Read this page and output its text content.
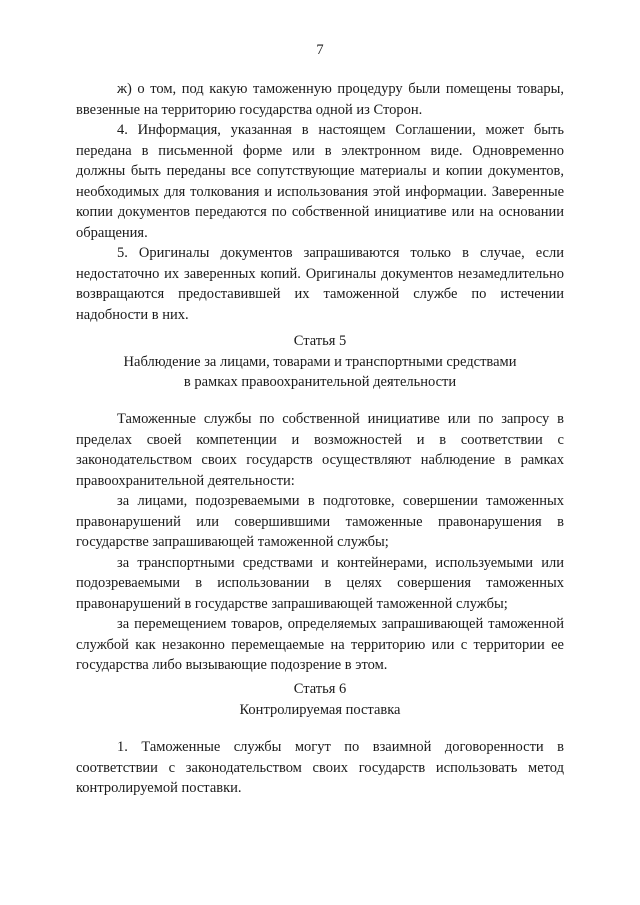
7

ж) о том, под какую таможенную процедуру были помещены товары, ввезенные на территорию государства одной из Сторон.

4. Информация, указанная в настоящем Соглашении, может быть передана в письменной форме или в электронном виде. Одновременно должны быть переданы все сопутствующие материалы и копии документов, необходимых для толкования и использования этой информации. Заверенные копии документов передаются по собственной инициативе или на основании обращения.

5. Оригиналы документов запрашиваются только в случае, если недостаточно их заверенных копий. Оригиналы документов незамедлительно возвращаются предоставившей их таможенной службе по истечении надобности в них.

Статья 5
Наблюдение за лицами, товарами и транспортными средствами
в рамках правоохранительной деятельности

Таможенные службы по собственной инициативе или по запросу в пределах своей компетенции и возможностей и в соответствии с законодательством своих государств осуществляют наблюдение в рамках правоохранительной деятельности:

за лицами, подозреваемыми в подготовке, совершении таможенных правонарушений или совершившими таможенные правонарушения в государстве запрашивающей таможенной службы;

за транспортными средствами и контейнерами, используемыми или подозреваемыми в использовании в целях совершения таможенных правонарушений в государстве запрашивающей таможенной службы;

за перемещением товаров, определяемых запрашивающей таможенной службой как незаконно перемещаемые на территорию или с территории ее государства либо вызывающие подозрение в этом.

Статья 6
Контролируемая поставка

1. Таможенные службы могут по взаимной договоренности в соответствии с законодательством своих государств использовать метод контролируемой поставки.
